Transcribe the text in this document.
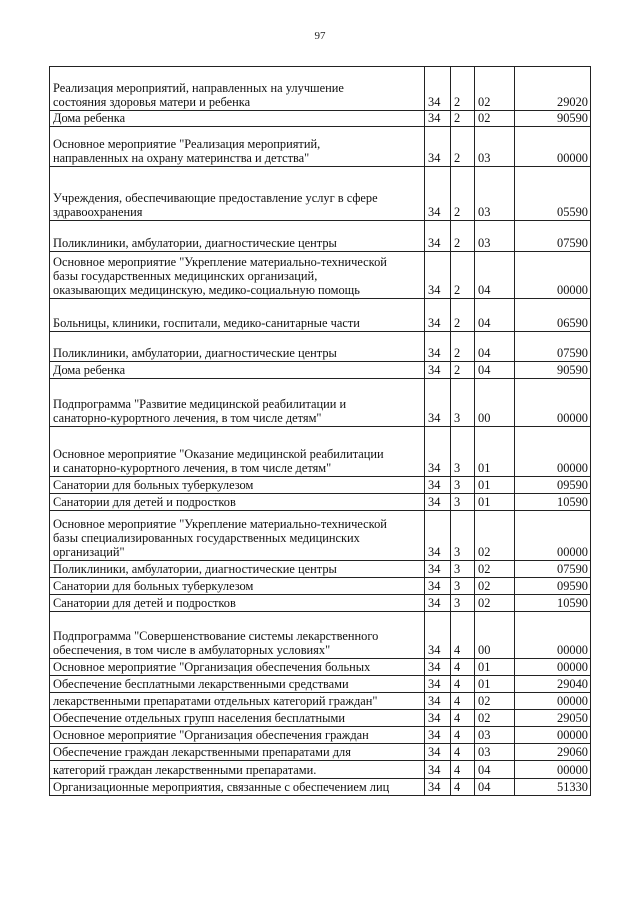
97

Реализация мероприятий, направленных на улучшение
состояния здоровья матери и ребенка	34	2	02	29020
Дома ребенка	34	2	02	90590
Основное мероприятие "Реализация мероприятий,
направленных на охрану материнства и детства"	34	2	03	00000

Учреждения, обеспечивающие предоставление услуг в сфере
здравоохранения	34	2	03	05590

Поликлиники, амбулатории, диагностические центры	34	2	03	07590
Основное мероприятие "Укрепление материально-технической
базы государственных медицинских организаций,
оказывающих медицинскую, медико-социальную помощь	34	2	04	00000

Больницы, клиники, госпитали, медико-санитарные части	34	2	04	06590

Поликлиники, амбулатории, диагностические центры	34	2	04	07590
Дома ребенка	34	2	04	90590

Подпрограмма "Развитие медицинской реабилитации и
санаторно-курортного лечения, в том числе детям"	34	3	00	00000

Основное мероприятие "Оказание медицинской реабилитации
и санаторно-курортного лечения, в том числе детям"	34	3	01	00000
Санатории для больных туберкулезом	34	3	01	09590
Санатории для детей и подростков	34	3	01	10590
Основное мероприятие "Укрепление материально-технической
базы специализированных государственных медицинских
организаций"	34	3	02	00000
Поликлиники, амбулатории, диагностические центры	34	3	02	07590
Санатории для больных туберкулезом	34	3	02	09590
Санатории для детей и подростков	34	3	02	10590

Подпрограмма "Совершенствование системы лекарственного
обеспечения, в том числе в амбулаторных условиях"	34	4	00	00000
Основное мероприятие "Организация обеспечения больных	34	4	01	00000
Обеспечение бесплатными лекарственными средствами	34	4	01	29040
лекарственными препаратами отдельных категорий граждан"	34	4	02	00000
Обеспечение отдельных групп населения бесплатными	34	4	02	29050
Основное мероприятие "Организация обеспечения граждан	34	4	03	00000
Обеспечение граждан лекарственными препаратами для	34	4	03	29060
категорий граждан лекарственными препаратами.	34	4	04	00000
Организационные мероприятия, связанные с обеспечением лиц	34	4	04	51330
